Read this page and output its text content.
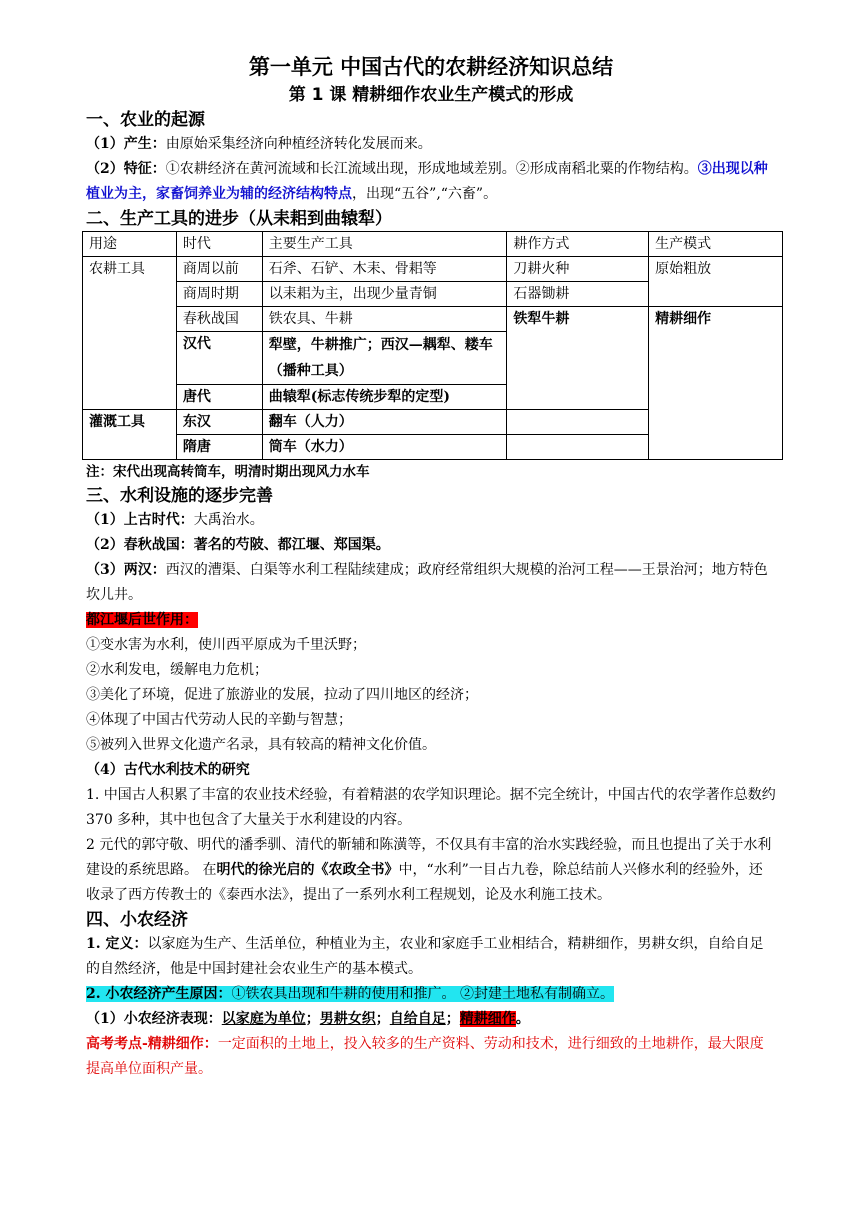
第一单元 中国古代的农耕经济知识总结

第 1 课 精耕细作农业生产模式的形成

一、农业的起源

（1）产生：由原始采集经济向种植经济转化发展而来。

（2）特征：①农耕经济在黄河流域和长江流域出现，形成地域差别。②形成南稻北粟的作物结构。③出现以种植业为主，家畜饲养业为辅的经济结构特点，出现“五谷”,“六畜”。

二、生产工具的进步（从耒耜到曲辕犁）

用途	时代	主要生产工具	耕作方式	生产模式
农耕工具	商周以前	石斧、石铲、木耒、骨耜等	刀耕火种	原始粗放
	商周时期	以耒耜为主，出现少量青铜	石器锄耕	
	春秋战国	铁农具、牛耕	铁犁牛耕	精耕细作
	汉代	犁壁，牛耕推广；西汉—耦犁、耧车（播种工具）		
	唐代	曲辕犁(标志传统步犁的定型)		
灌溉工具	东汉	翻车（人力）		
	隋唐	筒车（水力）		

注：宋代出现高转筒车，明清时期出现风力水车

三、水利设施的逐步完善

（1）上古时代：大禹治水。

（2）春秋战国：著名的芍陂、都江堰、郑国渠。

（3）两汉：西汉的漕渠、白渠等水利工程陆续建成；政府经常组织大规模的治河工程——王景治河；地方特色坎儿井。

都江堰后世作用：

①变水害为水利，使川西平原成为千里沃野；

②水利发电，缓解电力危机；

③美化了环境，促进了旅游业的发展，拉动了四川地区的经济；

④体现了中国古代劳动人民的辛勤与智慧；

⑤被列入世界文化遗产名录，具有较高的精神文化价值。

（4）古代水利技术的研究

1. 中国古人积累了丰富的农业技术经验，有着精湛的农学知识理论。据不完全统计，中国古代的农学著作总数约 370 多种，其中也包含了大量关于水利建设的内容。

2 元代的郭守敬、明代的潘季驯、清代的靳辅和陈潢等，不仅具有丰富的治水实践经验，而且也提出了关于水利建设的系统思路。 在明代的徐光启的《农政全书》中，“水利”一目占九卷，除总结前人兴修水利的经验外，还收录了西方传教士的《泰西水法》，提出了一系列水利工程规划，论及水利施工技术。

四、小农经济

1. 定义：以家庭为生产、生活单位，种植业为主，农业和家庭手工业相结合，精耕细作，男耕女织，自给自足的自然经济，他是中国封建社会农业生产的基本模式。

2. 小农经济产生原因：①铁农具出现和牛耕的使用和推广。 ②封建土地私有制确立。

（1）小农经济表现：以家庭为单位；男耕女织；自给自足；精耕细作。

高考考点-精耕细作：一定面积的土地上，投入较多的生产资料、劳动和技术，进行细致的土地耕作，最大限度提高单位面积产量。
